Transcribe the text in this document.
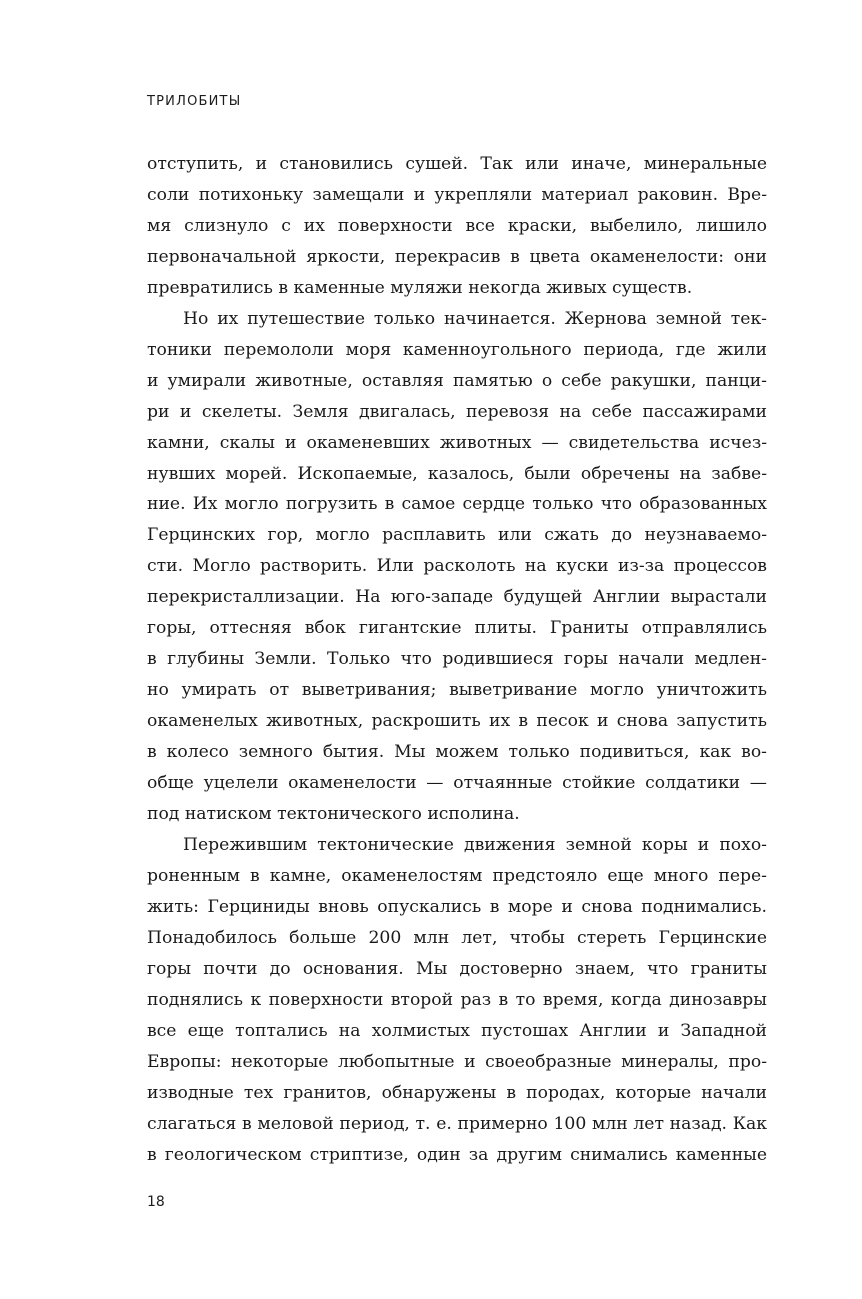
ТРИЛОБИТЫ
отступить, и становились сушей. Так или иначе, минеральные
соли потихоньку замещали и укрепляли материал раковин. Вре-
мя слизнуло с их поверхности все краски, выбелило, лишило
первоначальной яркости, перекрасив в цвета окаменелости: они
превратились в каменные муляжи некогда живых существ.
Но их путешествие только начинается. Жернова земной тек-
тоники перемололи моря каменноугольного периода, где жили
и умирали животные, оставляя памятью о себе ракушки, панци-
ри и скелеты. Земля двигалась, перевозя на себе пассажирами
камни, скалы и окаменевших животных — свидетельства исчез-
нувших морей. Ископаемые, казалось, были обречены на забве-
ние. Их могло погрузить в самое сердце только что образованных
Герцинских гор, могло расплавить или сжать до неузнаваемо-
сти. Могло растворить. Или расколоть на куски из-за процессов
перекристаллизации. На юго-западе будущей Англии вырастали
горы, оттесняя вбок гигантские плиты. Граниты отправлялись
в глубины Земли. Только что родившиеся горы начали медлен-
но умирать от выветривания; выветривание могло уничтожить
окаменелых животных, раскрошить их в песок и снова запустить
в колесо земного бытия. Мы можем только подивиться, как во-
обще уцелели окаменелости — отчаянные стойкие солдатики —
под натиском тектонического исполина.
Пережившим тектонические движения земной коры и похо-
роненным в камне, окаменелостям предстояло еще много пере-
жить: Герциниды вновь опускались в море и снова поднимались.
Понадобилось больше 200 млн лет, чтобы стереть Герцинские
горы почти до основания. Мы достоверно знаем, что граниты
поднялись к поверхности второй раз в то время, когда динозавры
все еще топтались на холмистых пустошах Англии и Западной
Европы: некоторые любопытные и своеобразные минералы, про-
изводные тех гранитов, обнаружены в породах, которые начали
слагаться в меловой период, т. е. примерно 100 млн лет назад. Как
в геологическом стриптизе, один за другим снимались каменные
18
